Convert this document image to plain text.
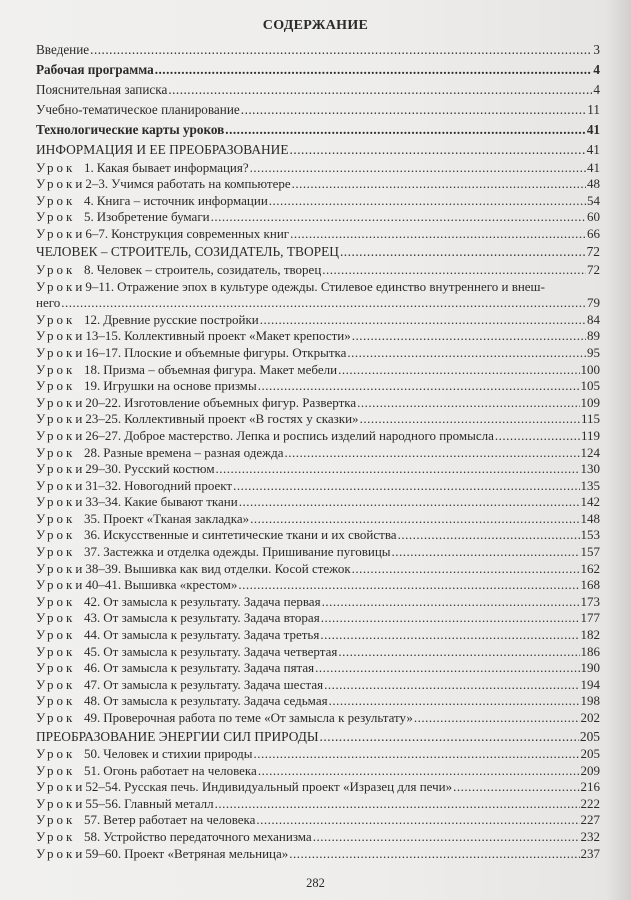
СОДЕРЖАНИЕ
Введение .....	3
Рабочая программа .....	4
Пояснительная записка .....	4
Учебно-тематическое планирование .....	11
Технологические карты уроков .....	41
ИНФОРМАЦИЯ И ЕЕ ПРЕОБРАЗОВАНИЕ .....	41
Урок 1. Какая бывает информация? .....	41
Уроки 2–3. Учимся работать на компьютере .....	48
Урок 4. Книга – источник информации .....	54
Урок 5. Изобретение бумаги .....	60
Уроки 6–7. Конструкция современных книг .....	66
ЧЕЛОВЕК – СТРОИТЕЛЬ, СОЗИДАТЕЛЬ, ТВОРЕЦ .....	72
Урок 8. Человек – строитель, созидатель, творец .....	72
Уроки 9–11. Отражение эпох в культуре одежды. Стилевое единство внутреннего и внеш-
него .....	79
Урок 12. Древние русские постройки .....	84
Уроки 13–15. Коллективный проект «Макет крепости» .....	89
Уроки 16–17. Плоские и объемные фигуры. Открытка .....	95
Урок 18. Призма – объемная фигура. Макет мебели .....	100
Урок 19. Игрушки на основе призмы .....	105
Уроки 20–22. Изготовление объемных фигур. Развертка .....	109
Уроки 23–25. Коллективный проект «В гостях у сказки» .....	115
Уроки 26–27. Доброе мастерство. Лепка и роспись изделий народного промысла .....	119
Урок 28. Разные времена – разная одежда .....	124
Уроки 29–30. Русский костюм .....	130
Уроки 31–32. Новогодний проект .....	135
Уроки 33–34. Какие бывают ткани .....	142
Урок 35. Проект «Тканая закладка» .....	148
Урок 36. Искусственные и синтетические ткани и их свойства .....	153
Урок 37. Застежка и отделка одежды. Пришивание пуговицы .....	157
Уроки 38–39. Вышивка как вид отделки. Косой стежок .....	162
Уроки 40–41. Вышивка «крестом» .....	168
Урок 42. От замысла к результату. Задача первая .....	173
Урок 43. От замысла к результату. Задача вторая .....	177
Урок 44. От замысла к результату. Задача третья .....	182
Урок 45. От замысла к результату. Задача четвертая .....	186
Урок 46. От замысла к результату. Задача пятая .....	190
Урок 47. От замысла к результату. Задача шестая .....	194
Урок 48. От замысла к результату. Задача седьмая .....	198
Урок 49. Проверочная работа по теме «От замысла к результату» .....	202
ПРЕОБРАЗОВАНИЕ ЭНЕРГИИ СИЛ ПРИРОДЫ .....	205
Урок 50. Человек и стихии природы .....	205
Урок 51. Огонь работает на человека .....	209
Уроки 52–54. Русская печь. Индивидуальный проект «Изразец для печи» .....	216
Уроки 55–56. Главный металл .....	222
Урок 57. Ветер работает на человека .....	227
Урок 58. Устройство передаточного механизма .....	232
Уроки 59–60. Проект «Ветряная мельница» .....	237
282
